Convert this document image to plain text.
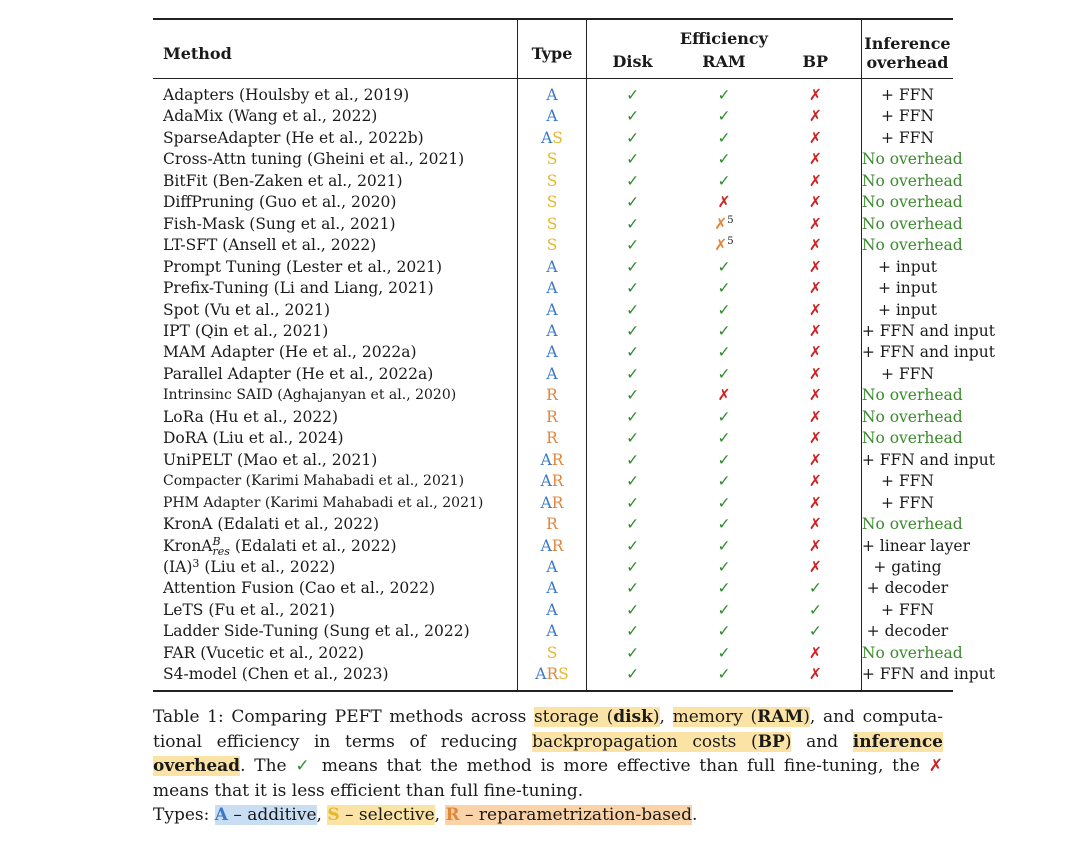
Method	Type	Efficiency			Inference overhead
		Disk	RAM	BP	
Adapters (Houlsby et al., 2019)	A	✓	✓	✗	+ FFN
AdaMix (Wang et al., 2022)	A	✓	✓	✗	+ FFN
SparseAdapter (He et al., 2022b)	AS	✓	✓	✗	+ FFN
Cross-Attn tuning (Gheini et al., 2021)	S	✓	✓	✗	No overhead
BitFit (Ben-Zaken et al., 2021)	S	✓	✓	✗	No overhead
DiffPruning (Guo et al., 2020)	S	✓	✗	✗	No overhead
Fish-Mask (Sung et al., 2021)	S	✓	✗$^5$	✗	No overhead
LT-SFT (Ansell et al., 2022)	S	✓	✗$^5$	✗	No overhead
Prompt Tuning (Lester et al., 2021)	A	✓	✓	✗	+ input
Prefix-Tuning (Li and Liang, 2021)	A	✓	✓	✗	+ input
Spot (Vu et al., 2021)	A	✓	✓	✗	+ input
IPT (Qin et al., 2021)	A	✓	✓	✗	+ FFN and input
MAM Adapter (He et al., 2022a)	A	✓	✓	✗	+ FFN and input
Parallel Adapter (He et al., 2022a)	A	✓	✓	✗	+ FFN
Intrinsinc SAID (Aghajanyan et al., 2020)	R	✓	✗	✗	No overhead
LoRa (Hu et al., 2022)	R	✓	✓	✗	No overhead
DoRA (Liu et al., 2024)	R	✓	✓	✗	No overhead
UniPELT (Mao et al., 2021)	AR	✓	✓	✗	+ FFN and input
Compacter (Karimi Mahabadi et al., 2021)	AR	✓	✓	✗	+ FFN
PHM Adapter (Karimi Mahabadi et al., 2021)	AR	✓	✓	✗	+ FFN
KronA (Edalati et al., 2022)	R	✓	✓	✗	No overhead
KronA B
res (Edalati et al., 2022)	AR	✓	✓	✗	+ linear layer
(IA) 3 (Liu et al., 2022)	A	✓	✓	✗	+ gating
Attention Fusion (Cao et al., 2022)	A	✓	✓	✓	+ decoder
LeTS (Fu et al., 2021)	A	✓	✓	✓	+ FFN
Ladder Side-Tuning (Sung et al., 2022)	A	✓	✓	✓	+ decoder
FAR (Vucetic et al., 2022)	S	✓	✓	✗	No overhead
S4-model (Chen et al., 2023)	ARS	✓	✓	✗	+ FFN and input
Table 1: Comparing PEFT methods across storage (disk), memory (RAM), and computa-tional efficiency in terms of reducing backpropagation costs (BP) and inference overhead. The ✓ means that the method is more effective than full fine-tuning, the ✗ means that it is less efficient than full fine-tuning.
Types: A – additive, S – selective, R – reparametrization-based.
